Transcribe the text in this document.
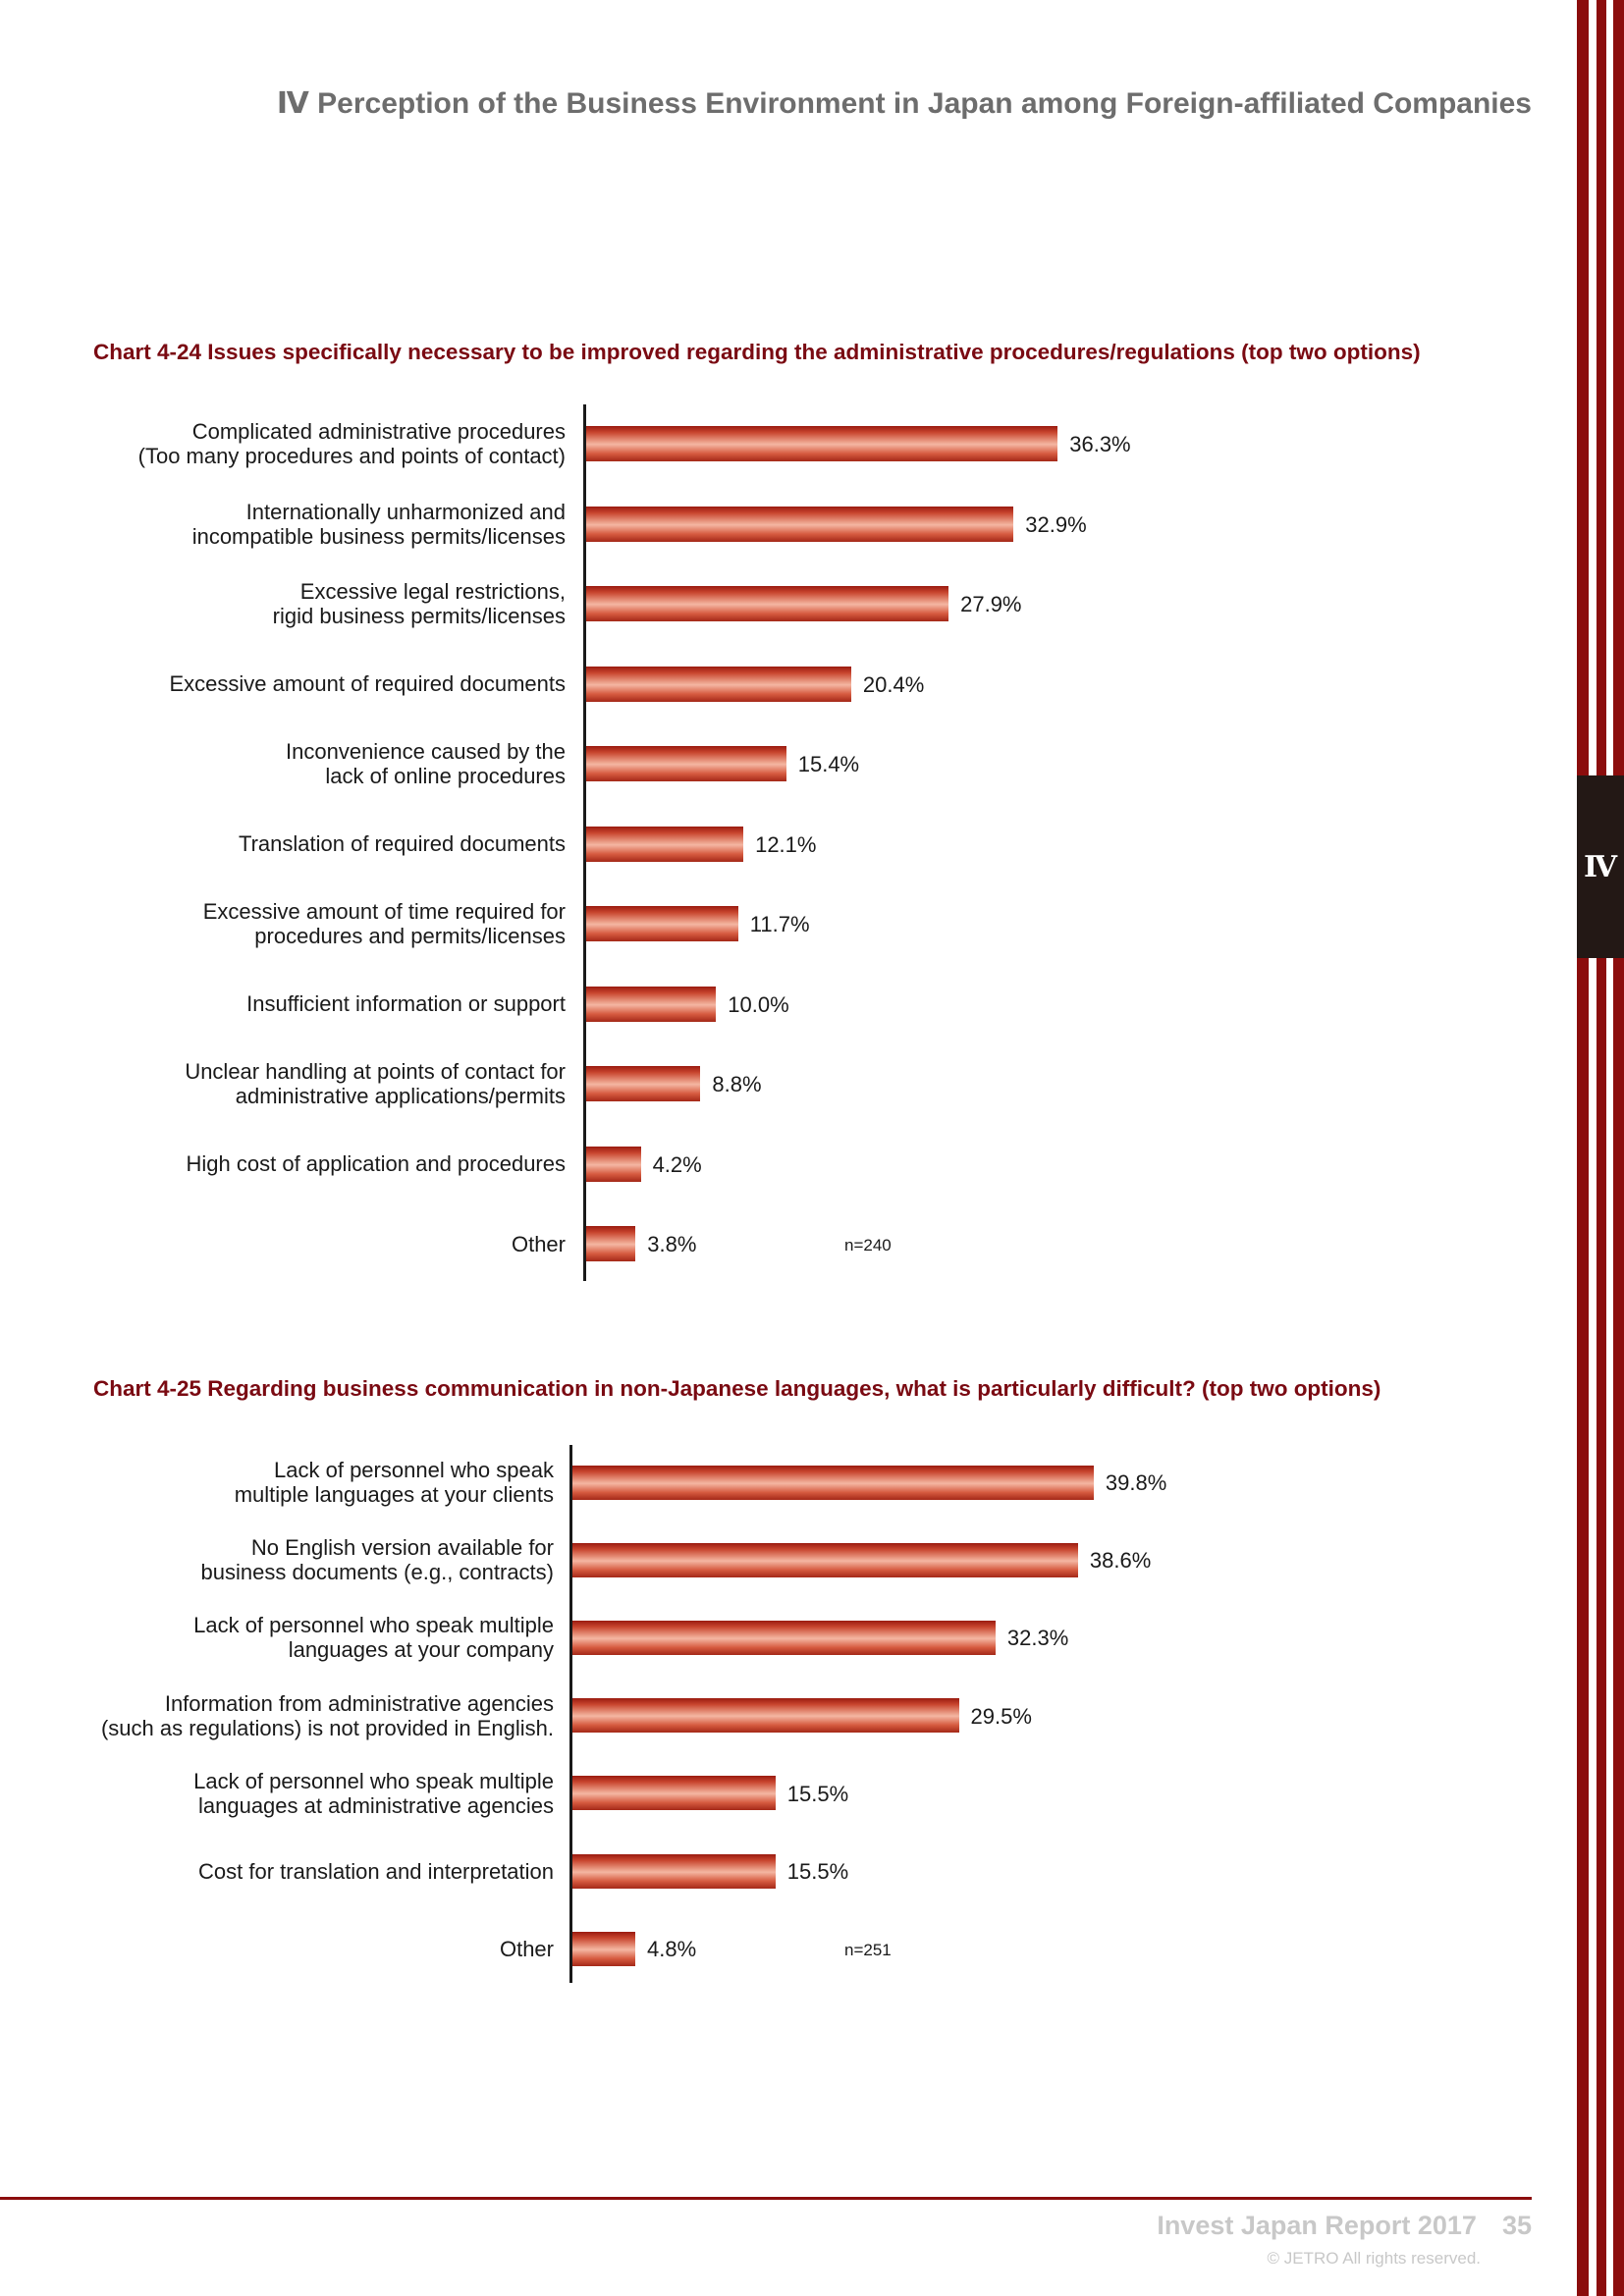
Ⅳ
Ⅳ Perception of the Business Environment in Japan among Foreign-affiliated Companies
Chart 4-24 Issues specifically necessary to be improved regarding the administrative procedures/regulations (top two options)
Complicated administrative procedures
(Too many procedures and points of contact)	36.3%
Internationally unharmonized and
incompatible business permits/licenses	32.9%
Excessive legal restrictions,
rigid business permits/licenses	27.9%
Excessive amount of required documents	20.4%
Inconvenience caused by the
lack of online procedures	15.4%
Translation of required documents	12.1%
Excessive amount of time required for
procedures and permits/licenses	11.7%
Insufficient information or support	10.0%
Unclear handling at points of contact for
administrative applications/permits	8.8%
High cost of application and procedures	4.2%
Other	3.8%	n=240
Chart 4-25 Regarding business communication in non-Japanese languages, what is particularly difficult? (top two options)
Lack of personnel who speak
multiple languages at your clients	39.8%
No English version available for
business documents (e.g., contracts)	38.6%
Lack of personnel who speak multiple
languages at your company	32.3%
Information from administrative agencies
(such as regulations) is not provided in English.	29.5%
Lack of personnel who speak multiple
languages at administrative agencies	15.5%
Cost for translation and interpretation	15.5%
Other	4.8%	n=251
Invest Japan Report 2017 35
© JETRO All rights reserved.
